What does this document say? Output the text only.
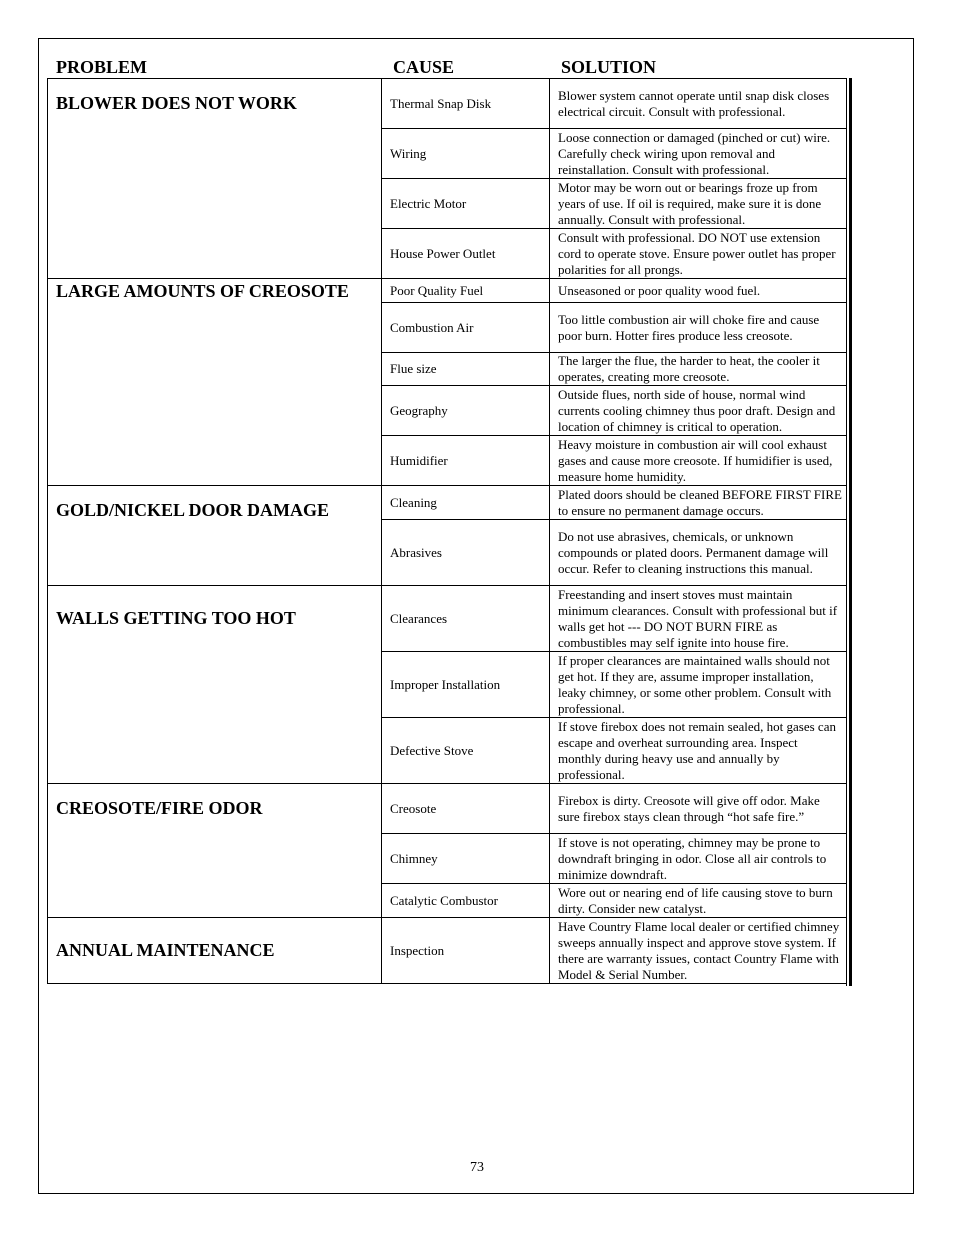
PROBLEM	CAUSE	SOLUTION
BLOWER DOES NOT WORK	Thermal Snap Disk	Blower system cannot operate until snap disk closes electrical circuit. Consult with professional.
	Wiring	Loose connection or damaged (pinched or cut) wire. Carefully check wiring upon removal and reinstallation. Consult with professional.
	Electric Motor	Motor may be worn out or bearings froze up from years of use. If oil is required, make sure it is done annually. Consult with professional.
	House Power Outlet	Consult with professional. DO NOT use extension cord to operate stove. Ensure power outlet has proper polarities for all prongs.
LARGE AMOUNTS OF CREOSOTE	Poor Quality Fuel	Unseasoned or poor quality wood fuel.
	Combustion Air	Too little combustion air will choke fire and cause poor burn. Hotter fires produce less creosote.
	Flue size	The larger the flue, the harder to heat, the cooler it operates, creating more creosote.
	Geography	Outside flues, north side of house, normal wind currents cooling chimney thus poor draft. Design and location of chimney is critical to operation.
	Humidifier	Heavy moisture in combustion air will cool exhaust gases and cause more creosote. If humidifier is used, measure home humidity.
GOLD/NICKEL DOOR DAMAGE	Cleaning	Plated doors should be cleaned BEFORE FIRST FIRE to ensure no permanent damage occurs.
	Abrasives	Do not use abrasives, chemicals, or unknown compounds or plated doors. Permanent damage will occur. Refer to cleaning instructions this manual.
WALLS GETTING TOO HOT	Clearances	Freestanding and insert stoves must maintain minimum clearances. Consult with professional but if walls get hot --- DO NOT BURN FIRE as combustibles may self ignite into house fire.
	Improper Installation	If proper clearances are maintained walls should not get hot. If they are, assume improper installation, leaky chimney, or some other problem. Consult with professional.
	Defective Stove	If stove firebox does not remain sealed, hot gases can escape and overheat surrounding area. Inspect monthly during heavy use and annually by professional.
CREOSOTE/FIRE ODOR	Creosote	Firebox is dirty. Creosote will give off odor. Make sure firebox stays clean through “hot safe fire.”
	Chimney	If stove is not operating, chimney may be prone to downdraft bringing in odor. Close all air controls to minimize downdraft.
	Catalytic Combustor	Wore out or nearing end of life causing stove to burn dirty. Consider new catalyst.
ANNUAL MAINTENANCE	Inspection	Have Country Flame local dealer or certified chimney sweeps annually inspect and approve stove system. If there are warranty issues, contact Country Flame with Model & Serial Number.
73
